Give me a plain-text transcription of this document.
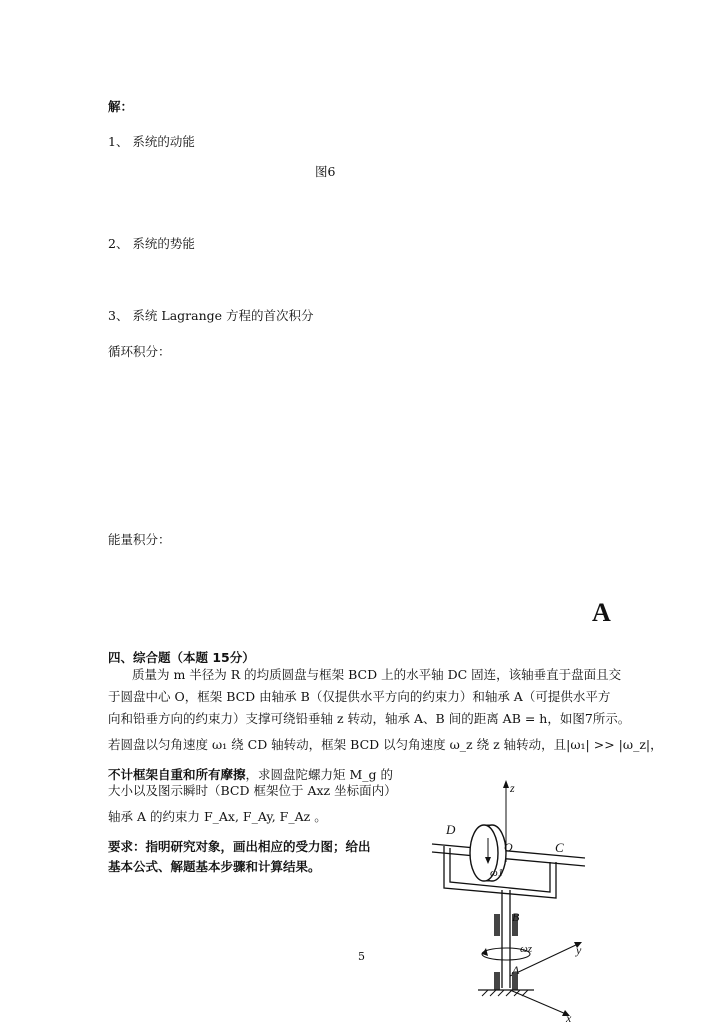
解：
1、 系统的动能
图6
2、 系统的势能
3、 系统 Lagrange 方程的首次积分
循环积分：
能量积分：
A
四、综合题（本题 15分）
质量为 m 半径为 R 的均质圆盘与框架 BCD 上的水平轴 DC 固连，该轴垂直于盘面且交
于圆盘中心 O，框架 BCD 由轴承 B（仅提供水平方向的约束力）和轴承 A（可提供水平方
向和铅垂方向的约束力）支撑可绕铅垂轴 z 转动，轴承 A、B 间的距离 AB = h，如图7所示。
若圆盘以匀角速度 ω₁ 绕 CD 轴转动，框架 BCD 以匀角速度 ω_z 绕 z 轴转动，且|ω₁| >> |ω_z|，
不计框架自重和所有摩擦，求圆盘陀螺力矩 M_g 的
大小以及图示瞬时（BCD 框架位于 Axz 坐标面内）
轴承 A 的约束力 F_Ax, F_Ay, F_Az 。
要求：指明研究对象，画出相应的受力图；给出
基本公式、解题基本步骤和计算结果。
z
D
C
O
ω1
B
ωz	y
A
x
5
